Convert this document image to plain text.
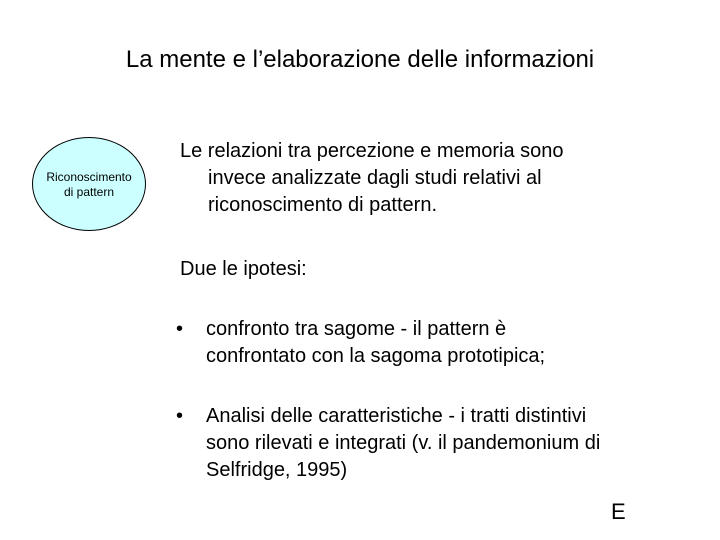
La mente e l’elaborazione delle informazioni
Riconoscimento
di pattern

Le relazioni tra percezione e memoria sono
invece analizzate dagli studi relativi al
riconoscimento di pattern.

Due le ipotesi:

• confronto tra sagome - il pattern è
confrontato con la sagoma prototipica;
• Analisi delle caratteristiche - i tratti distintivi
sono rilevati e integrati (v. il pandemonium di
Selfridge, 1995)
E
